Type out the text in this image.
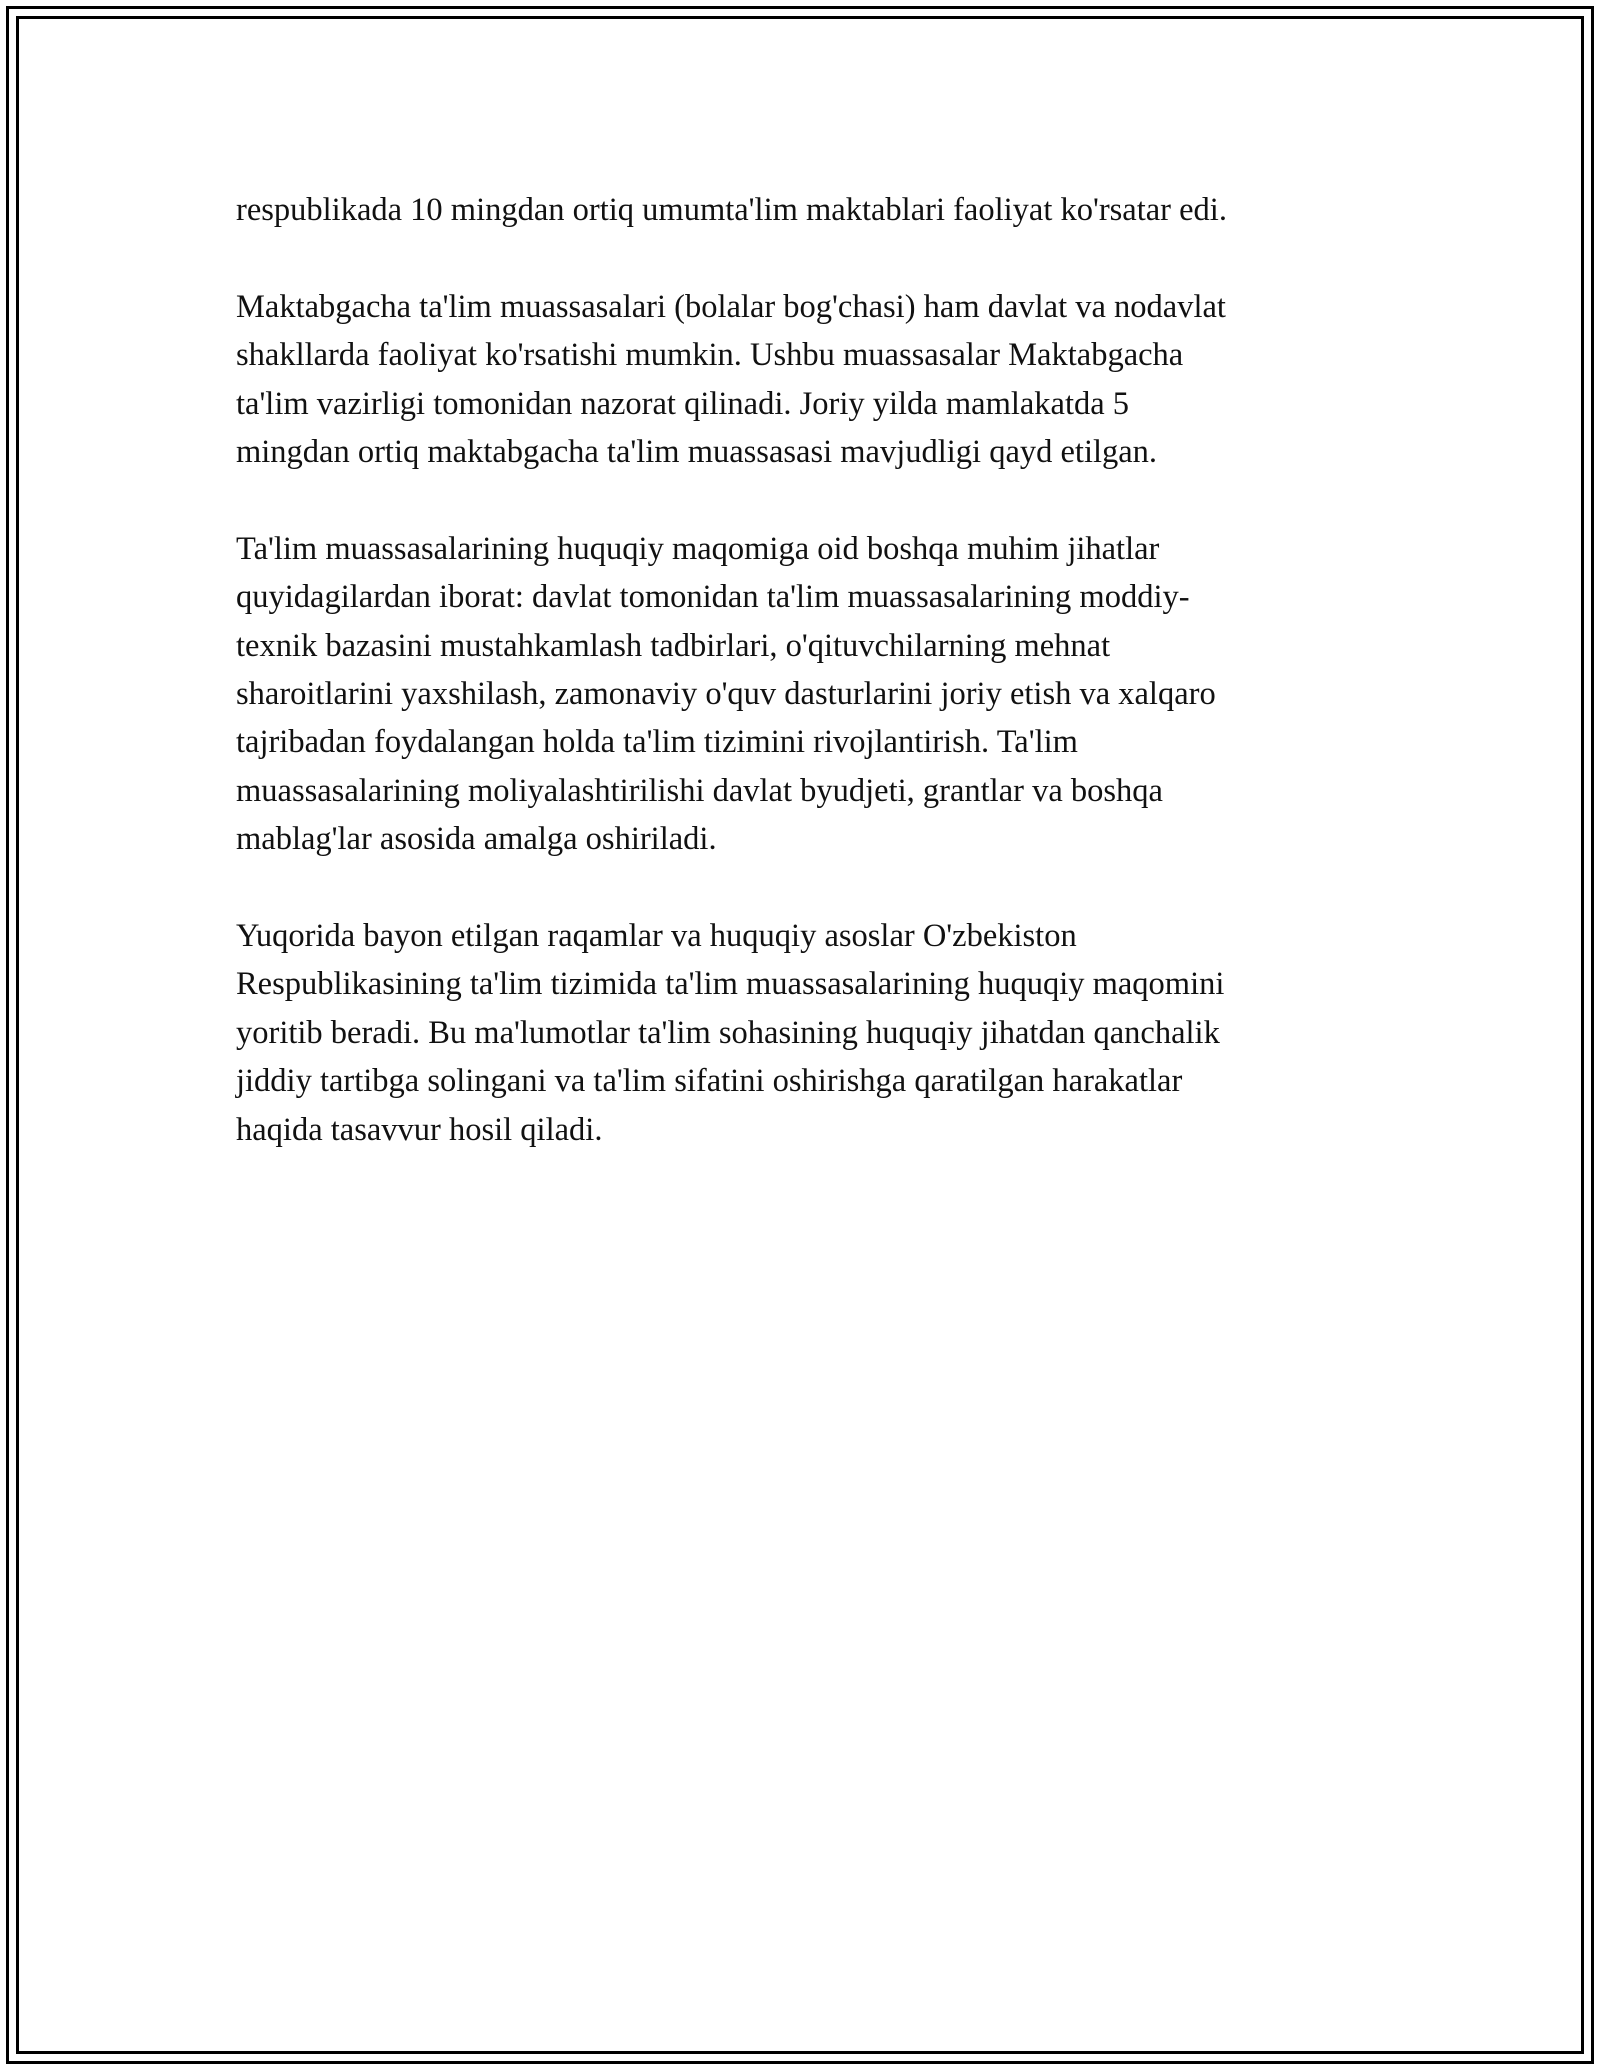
respublikada 10 mingdan ortiq umumta'lim maktablari faoliyat ko'rsatar edi.

Maktabgacha ta'lim muassasalari (bolalar bog'chasi) ham davlat va nodavlat
shakllarda faoliyat ko'rsatishi mumkin. Ushbu muassasalar Maktabgacha
ta'lim vazirligi tomonidan nazorat qilinadi. Joriy yilda mamlakatda 5
mingdan ortiq maktabgacha ta'lim muassasasi mavjudligi qayd etilgan.

Ta'lim muassasalarining huquqiy maqomiga oid boshqa muhim jihatlar
quyidagilardan iborat: davlat tomonidan ta'lim muassasalarining moddiy-
texnik bazasini mustahkamlash tadbirlari, o'qituvchilarning mehnat
sharoitlarini yaxshilash, zamonaviy o'quv dasturlarini joriy etish va xalqaro
tajribadan foydalangan holda ta'lim tizimini rivojlantirish. Ta'lim
muassasalarining moliyalashtirilishi davlat byudjeti, grantlar va boshqa
mablag'lar asosida amalga oshiriladi.

Yuqorida bayon etilgan raqamlar va huquqiy asoslar O'zbekiston
Respublikasining ta'lim tizimida ta'lim muassasalarining huquqiy maqomini
yoritib beradi. Bu ma'lumotlar ta'lim sohasining huquqiy jihatdan qanchalik
jiddiy tartibga solingani va ta'lim sifatini oshirishga qaratilgan harakatlar
haqida tasavvur hosil qiladi.
